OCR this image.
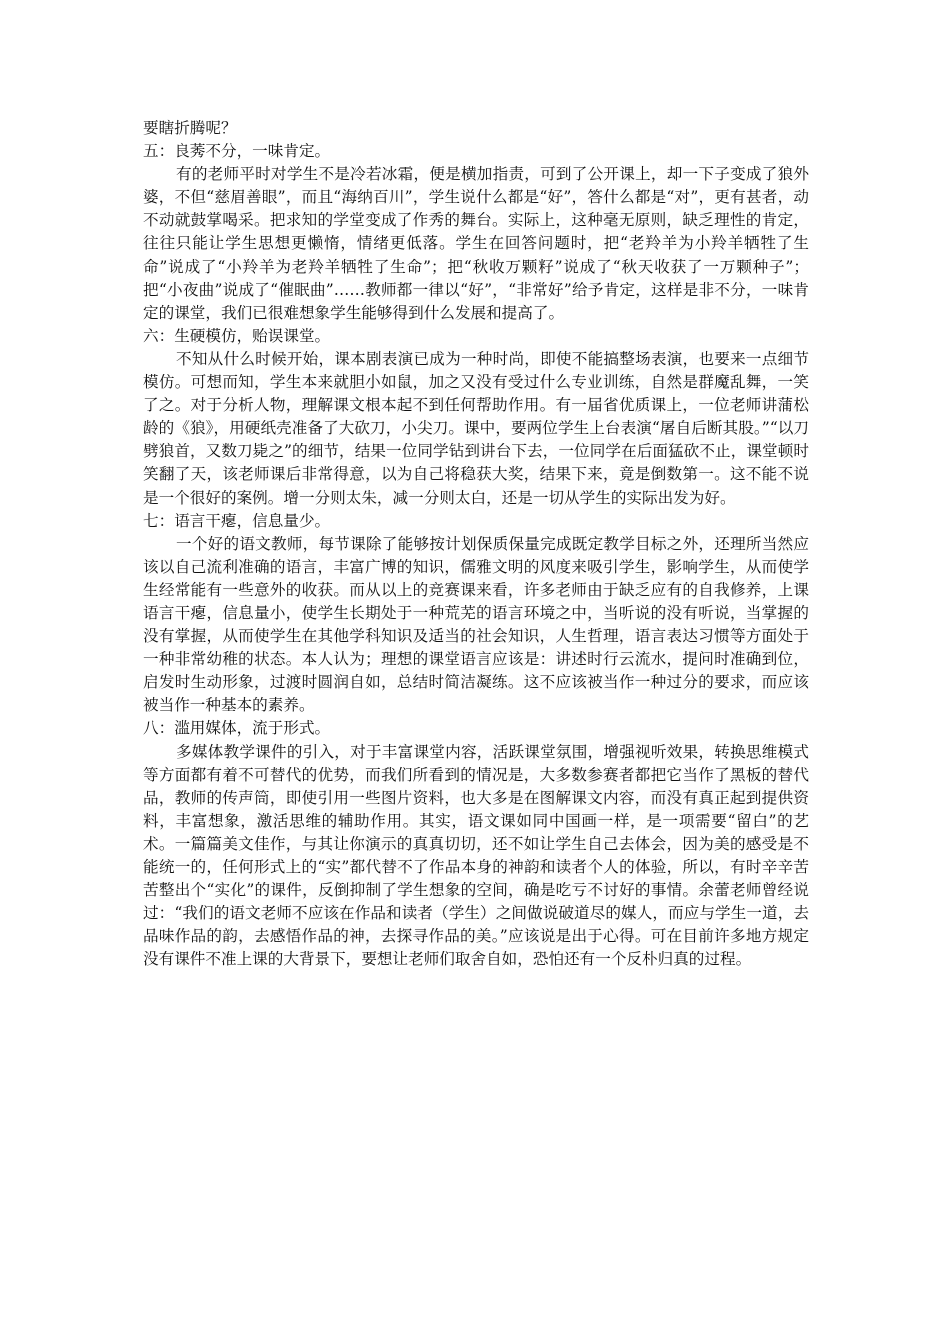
要瞎折腾呢？

五：良莠不分，一味肯定。

有的老师平时对学生不是冷若冰霜，便是横加指责，可到了公开课上，却一下子变成了狼外婆，不但“慈眉善眼”，而且“海纳百川”，学生说什么都是“好”，答什么都是“对”，更有甚者，动不动就鼓掌喝采。把求知的学堂变成了作秀的舞台。实际上，这种毫无原则，缺乏理性的肯定，往往只能让学生思想更懒惰，情绪更低落。学生在回答问题时，把“老羚羊为小羚羊牺牲了生命”说成了“小羚羊为老羚羊牺牲了生命”；把“秋收万颗籽”说成了“秋天收获了一万颗种子”；把“小夜曲”说成了“催眠曲”……教师都一律以“好”，“非常好”给予肯定，这样是非不分，一味肯定的课堂，我们已很难想象学生能够得到什么发展和提高了。

六：生硬模仿，贻误课堂。

不知从什么时候开始，课本剧表演已成为一种时尚，即使不能搞整场表演，也要来一点细节模仿。可想而知，学生本来就胆小如鼠，加之又没有受过什么专业训练，自然是群魔乱舞，一笑了之。对于分析人物，理解课文根本起不到任何帮助作用。有一届省优质课上，一位老师讲蒲松龄的《狼》，用硬纸壳准备了大砍刀，小尖刀。课中，要两位学生上台表演“屠自后断其股。”“以刀劈狼首，又数刀毙之”的细节，结果一位同学钻到讲台下去，一位同学在后面猛砍不止，课堂顿时笑翻了天，该老师课后非常得意，以为自己将稳获大奖，结果下来，竟是倒数第一。这不能不说是一个很好的案例。增一分则太朱，减一分则太白，还是一切从学生的实际出发为好。

七：语言干瘪，信息量少。

一个好的语文教师，每节课除了能够按计划保质保量完成既定教学目标之外，还理所当然应该以自己流利准确的语言，丰富广博的知识，儒雅文明的风度来吸引学生，影响学生，从而使学生经常能有一些意外的收获。而从以上的竞赛课来看，许多老师由于缺乏应有的自我修养，上课语言干瘪，信息量小，使学生长期处于一种荒芜的语言环境之中，当听说的没有听说，当掌握的没有掌握，从而使学生在其他学科知识及适当的社会知识，人生哲理，语言表达习惯等方面处于一种非常幼稚的状态。本人认为；理想的课堂语言应该是：讲述时行云流水，提问时准确到位，启发时生动形象，过渡时圆润自如，总结时简洁凝练。这不应该被当作一种过分的要求，而应该被当作一种基本的素养。

八：滥用媒体，流于形式。

多媒体教学课件的引入，对于丰富课堂内容，活跃课堂氛围，增强视听效果，转换思维模式等方面都有着不可替代的优势，而我们所看到的情况是，大多数参赛者都把它当作了黑板的替代品，教师的传声筒，即使引用一些图片资料，也大多是在图解课文内容，而没有真正起到提供资料，丰富想象，激活思维的辅助作用。其实，语文课如同中国画一样，是一项需要“留白”的艺术。一篇篇美文佳作，与其让你演示的真真切切，还不如让学生自己去体会，因为美的感受是不能统一的，任何形式上的“实”都代替不了作品本身的神韵和读者个人的体验，所以，有时辛辛苦苦整出个“实化”的课件，反倒抑制了学生想象的空间，确是吃亏不讨好的事情。余蕾老师曾经说过：“我们的语文老师不应该在作品和读者（学生）之间做说破道尽的媒人，而应与学生一道，去品味作品的韵，去感悟作品的神，去探寻作品的美。”应该说是出于心得。可在目前许多地方规定没有课件不准上课的大背景下，要想让老师们取舍自如，恐怕还有一个反朴归真的过程。
